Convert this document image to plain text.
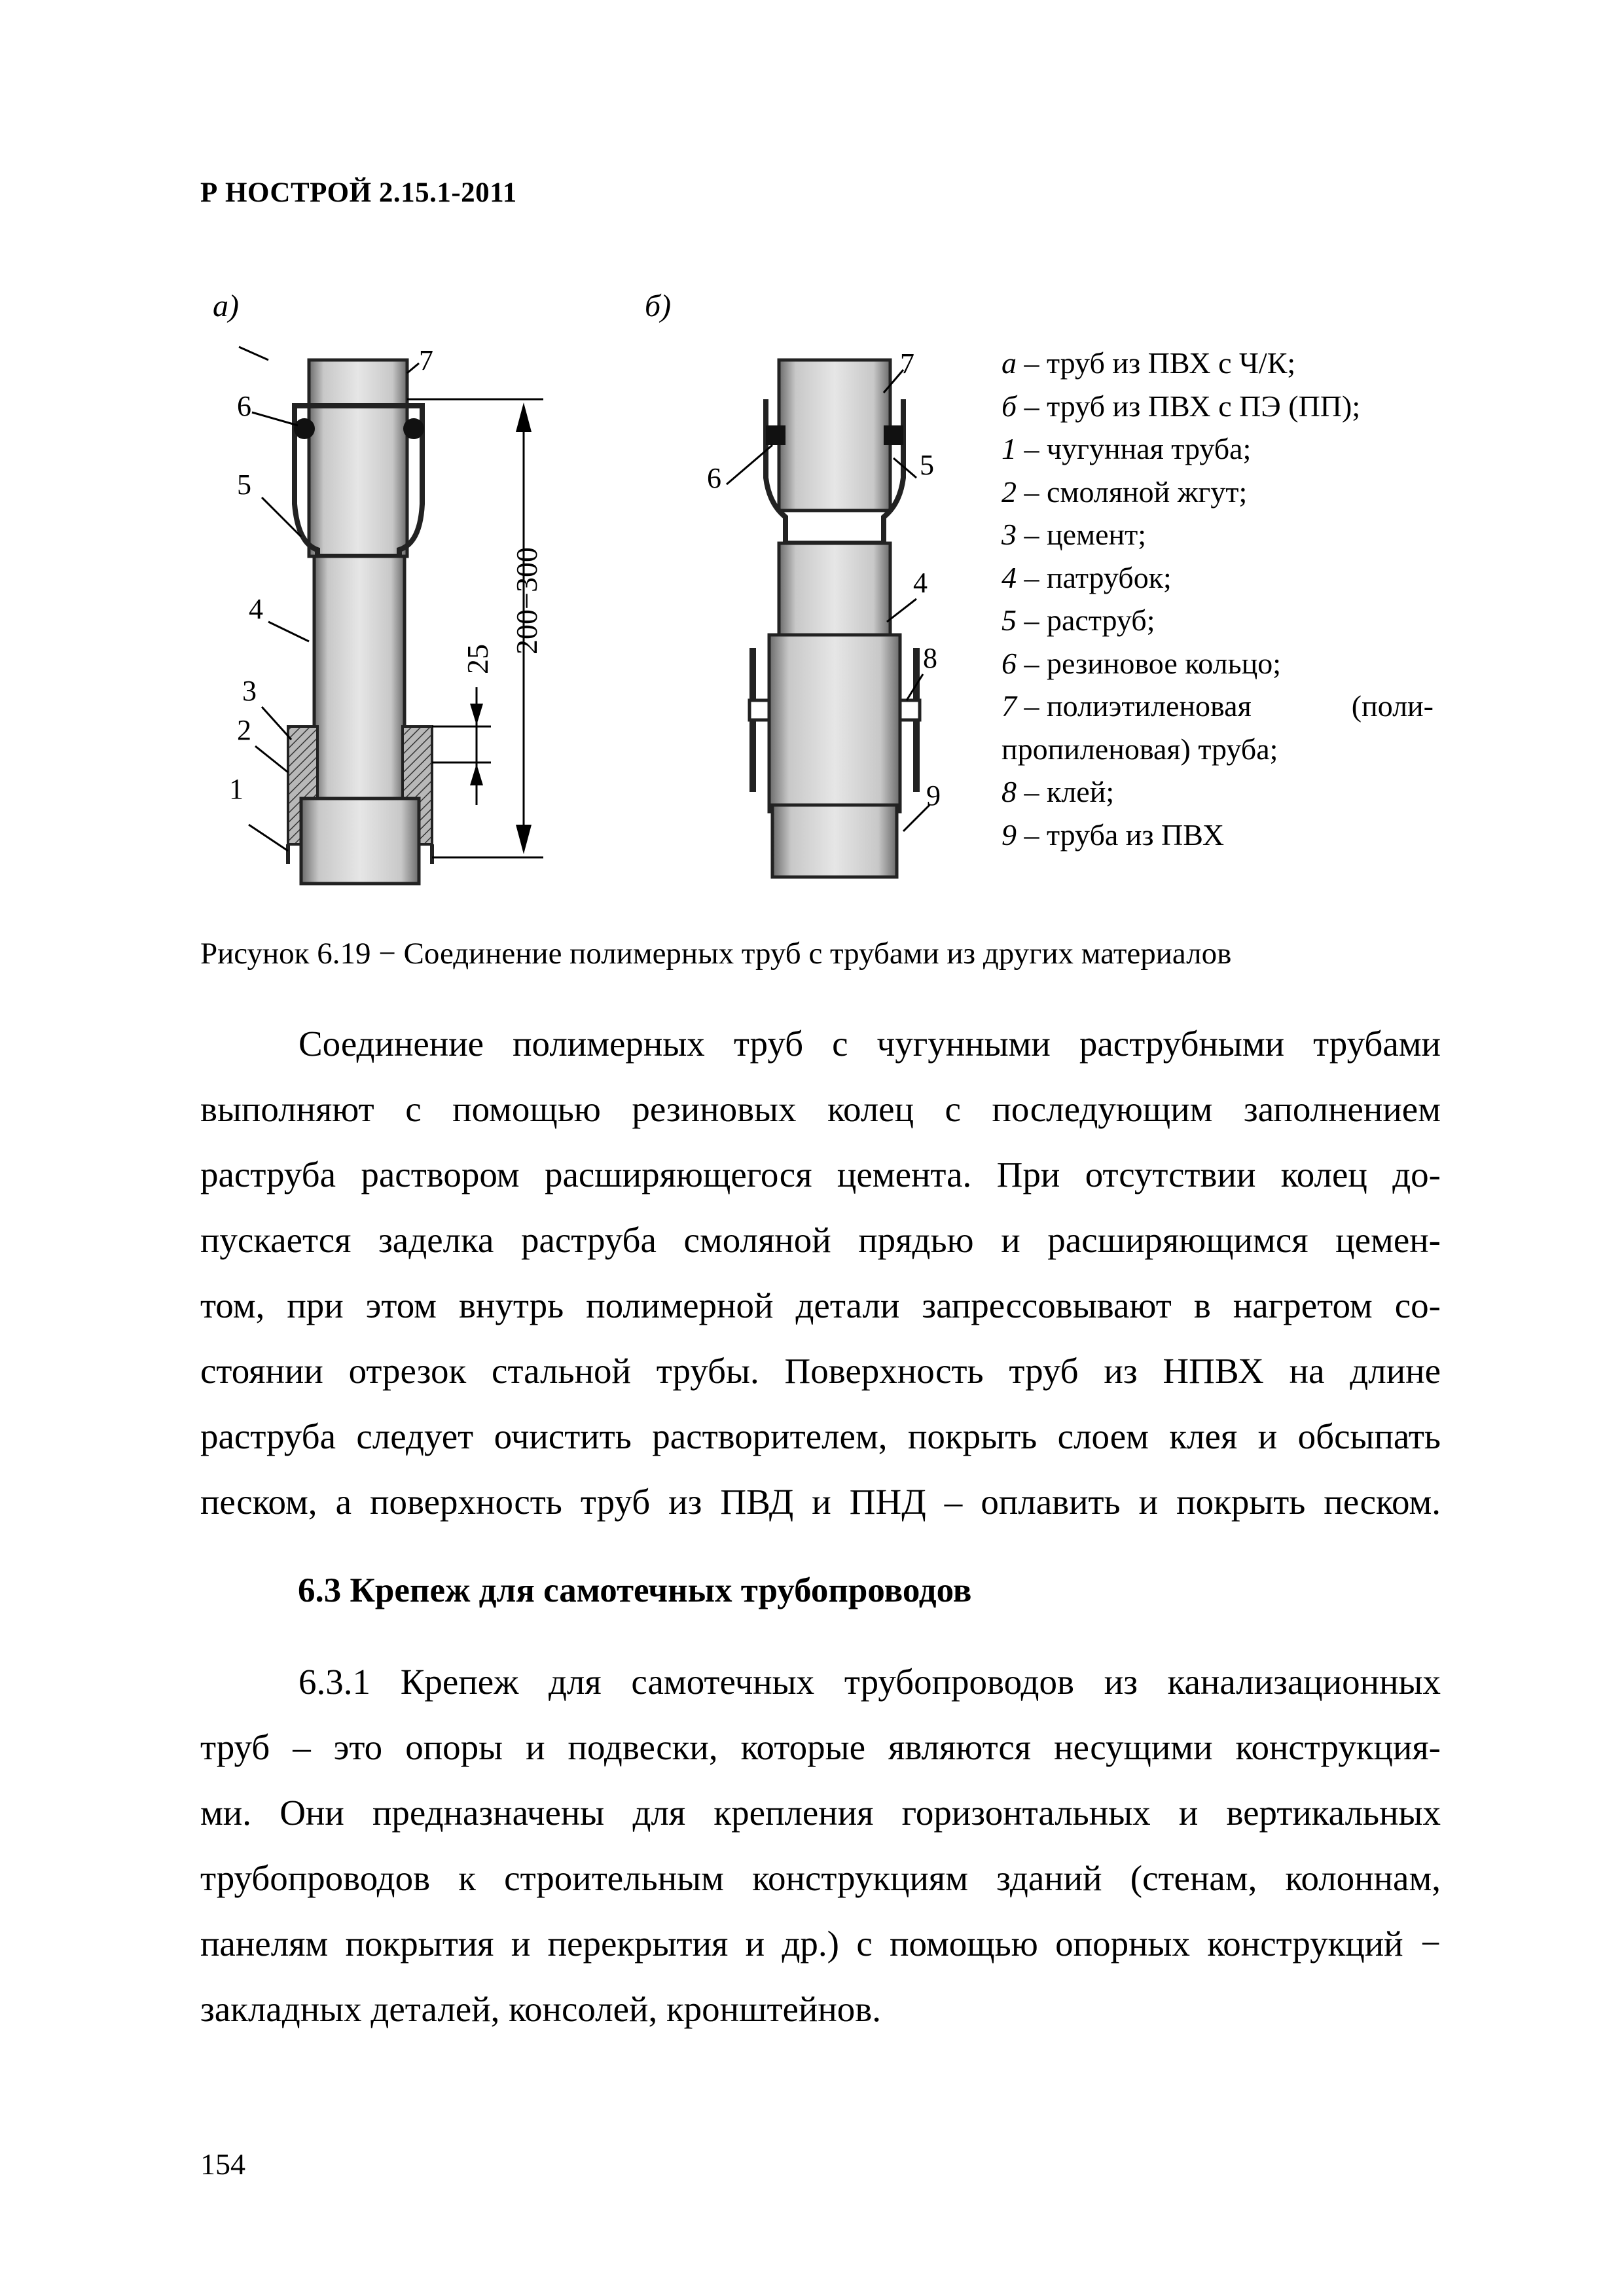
Р НОСТРОЙ 2.15.1-2011
а)	б)
200−300
25
6
7
5
4
3
2
1
7
6	5
4
8
9
а – труб из ПВХ с Ч/К;
б – труб из ПВХ с ПЭ (ПП);
1 – чугунная труба;
2 – смоляной жгут;
3 – цемент;
4 – патрубок;
5 – раструб;
6 – резиновое кольцо;
7 – полиэтиленовая	(поли-
пропиленовая) труба;
8 – клей;
9 – труба из ПВХ
Рисунок 6.19 − Соединение полимерных труб с трубами из других материалов
Соединение полимерных труб с чугунными раструбными трубами
выполняют с помощью резиновых колец с последующим заполнением
раструба раствором расширяющегося цемента. При отсутствии колец до-
пускается заделка раструба смоляной прядью и расширяющимся цемен-
том, при этом внутрь полимерной детали запрессовывают в нагретом со-
стоянии отрезок стальной трубы. Поверхность труб из НПВХ на длине
раструба следует очистить растворителем, покрыть слоем клея и обсыпать
песком, а поверхность труб из ПВД и ПНД – оплавить и покрыть песком.
6.3 Крепеж для самотечных трубопроводов
6.3.1 Крепеж для самотечных трубопроводов из канализационных
труб – это опоры и подвески, которые являются несущими конструкция-
ми. Они предназначены для крепления горизонтальных и вертикальных
трубопроводов к строительным конструкциям зданий (стенам, колоннам,
панелям покрытия и перекрытия и др.) с помощью опорных конструкций −
закладных деталей, консолей, кронштейнов.
154
